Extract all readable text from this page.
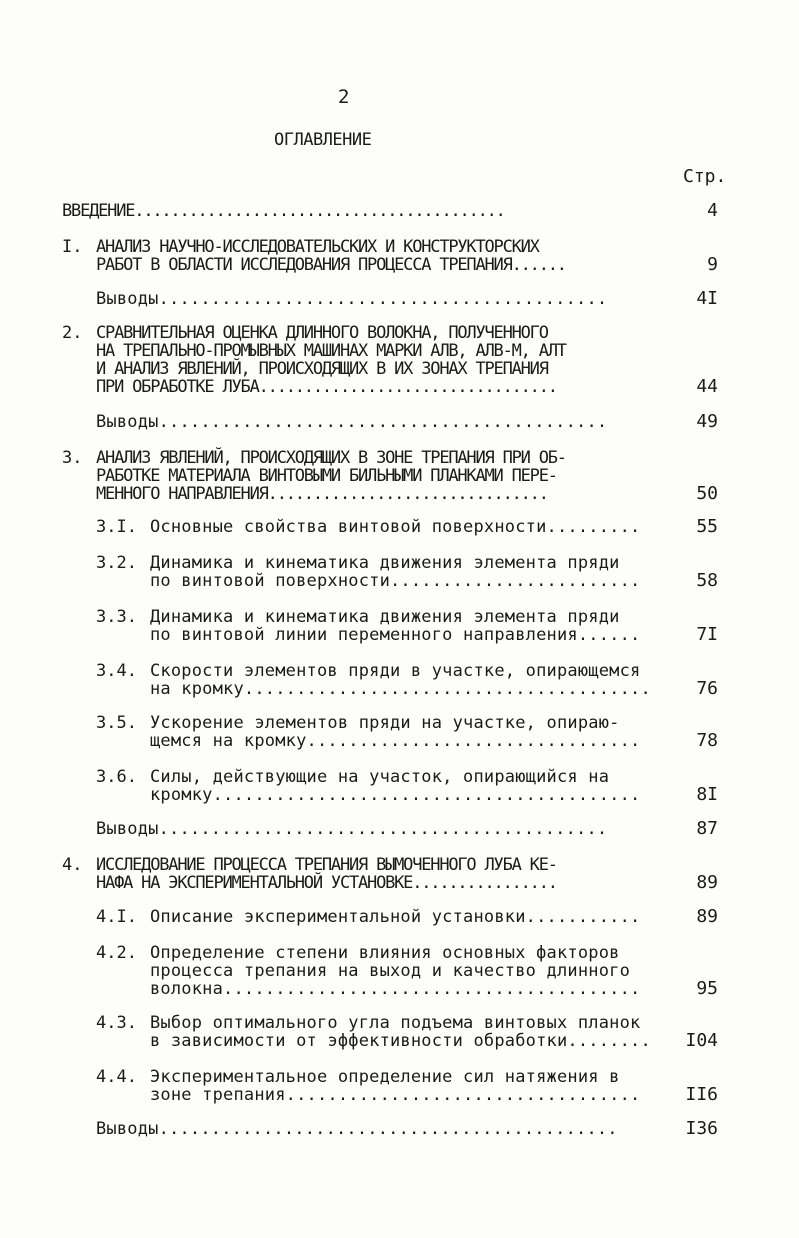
2
ОГЛАВЛЕНИЕ
Стр.
ВВЕДЕНИЕ.........................................	4
I. АНАЛИЗ НАУЧНО-ИССЛЕДОВАТЕЛЬСКИХ И КОНСТРУКТОРСКИХ
РАБОТ В ОБЛАСТИ ИССЛЕДОВАНИЯ ПРОЦЕССА ТРЕПАНИЯ......	9
Выводы...........................................	4I
2. СРАВНИТЕЛЬНАЯ ОЦЕНКА ДЛИННОГО ВОЛОКНА, ПОЛУЧЕННОГО
НА ТРЕПАЛЬНО-ПРОМЫВНЫХ МАШИНАХ МАРКИ АЛВ, АЛВ-М, АЛТ
И АНАЛИЗ ЯВЛЕНИЙ, ПРОИСХОДЯЩИХ В ИХ ЗОНАХ ТРЕПАНИЯ
ПРИ ОБРАБОТКЕ ЛУБА.................................	44
Выводы...........................................	49
3. АНАЛИЗ ЯВЛЕНИЙ, ПРОИСХОДЯЩИХ В ЗОНЕ ТРЕПАНИЯ ПРИ ОБ-
РАБОТКЕ МАТЕРИАЛА ВИНТОВЫМИ БИЛЬНЫМИ ПЛАНКАМИ ПЕРЕ-
МЕННОГО НАПРАВЛЕНИЯ...............................	50
3.I. Основные свойства винтовой поверхности.........	55
3.2. Динамика и кинематика движения элемента пряди
по винтовой поверхности........................	58
3.3. Динамика и кинематика движения элемента пряди
по винтовой линии переменного направления......	7I
3.4. Скорости элементов пряди в участке, опирающемся
на кромку.......................................	76
3.5. Ускорение элементов пряди на участке, опираю-
щемся на кромку................................	78
3.6. Силы, действующие на участок, опирающийся на
кромку.........................................	8I
Выводы...........................................	87
4. ИССЛЕДОВАНИЕ ПРОЦЕССА ТРЕПАНИЯ ВЫМОЧЕННОГО ЛУБА КЕ-
НАФА НА ЭКСПЕРИМЕНТАЛЬНОЙ УСТАНОВКЕ................	89
4.I. Описание экспериментальной установки...........	89
4.2. Определение степени влияния основных факторов
процесса трепания на выход и качество длинного
волокна........................................	95
4.3. Выбор оптимального угла подъема винтовых планок
в зависимости от эффективности обработки........	I04
4.4. Экспериментальное определение сил натяжения в
зоне трепания..................................	II6
Выводы............................................	I36
